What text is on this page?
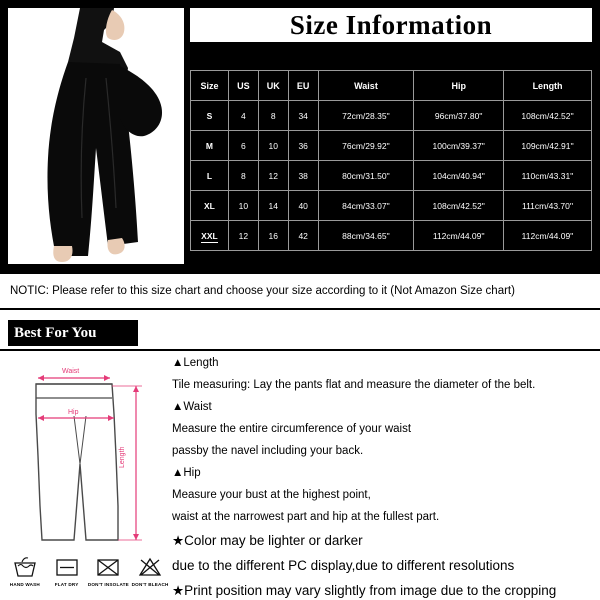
Size Information
Size	US	UK	EU	Waist	Hip	Length
S	4	8	34	72cm/28.35''	96cm/37.80''	108cm/42.52''
M	6	10	36	76cm/29.92''	100cm/39.37''	109cm/42.91''
L	8	12	38	80cm/31.50''	104cm/40.94''	110cm/43.31''
XL	10	14	40	84cm/33.07''	108cm/42.52''	111cm/43.70''
XXL	12	16	42	88cm/34.65''	112cm/44.09''	112cm/44.09''
NOTIC: Please refer to this size chart and choose your size according to it (Not Amazon Size chart)
Best For You
Waist
Hip
Length
HAND WASH	FLAT DRY	DON'T INSOLATE DON'T BLEACH
▲Length
Tile measuring: Lay the pants flat and measure the diameter of the belt.
▲Waist
Measure the entire circumference of your waist
passby the navel including your back.
▲Hip
Measure your bust at the highest point,
waist at the narrowest part and hip at the fullest part.
★Color may be lighter or darker
due to the different PC display,due to different resolutions
★Print position may vary slightly from image due to the cropping
